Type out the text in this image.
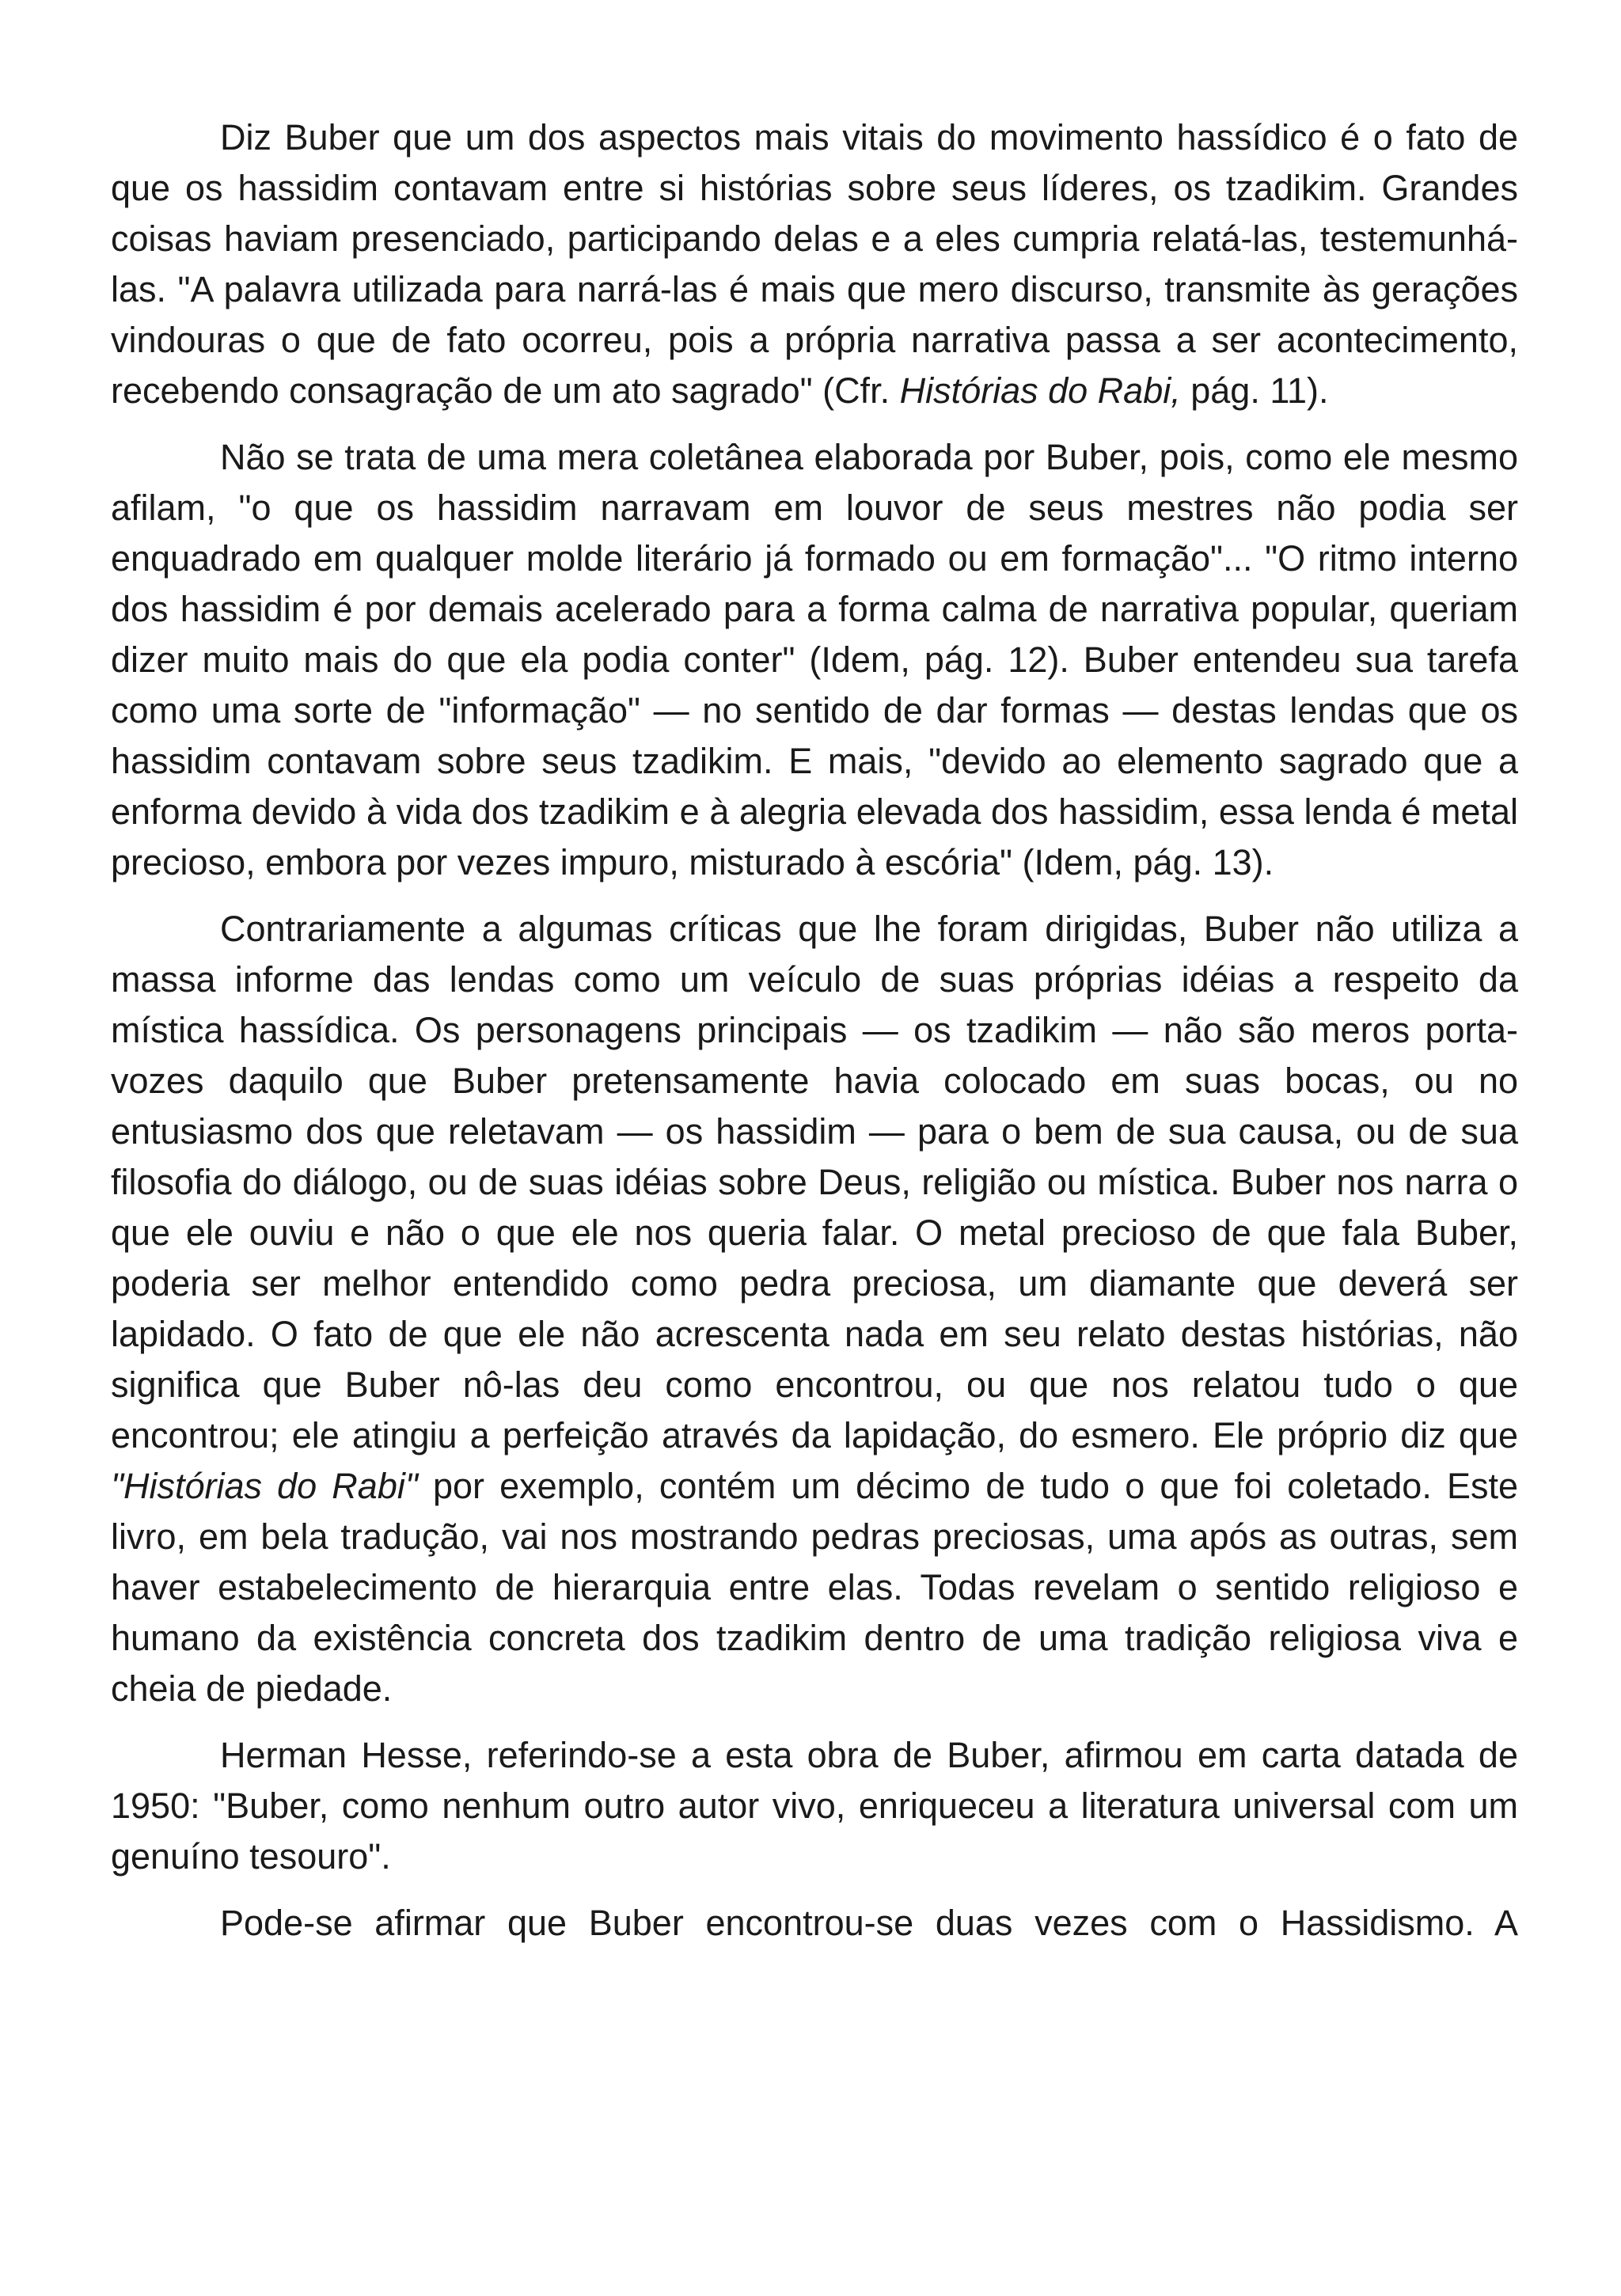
Diz Buber que um dos aspectos mais vitais do movimento hassídico é o fato de que os hassidim contavam entre si histórias sobre seus líderes, os tzadikim. Grandes coisas haviam presenciado, participando delas e a eles cumpria relatá-las, testemunhá-las. "A palavra utilizada para narrá-las é mais que mero discurso, transmite às gerações vindouras o que de fato ocorreu, pois a própria narrativa passa a ser acontecimento, recebendo consagração de um ato sagrado" (Cfr. Histórias do Rabi, pág. 11).

Não se trata de uma mera coletânea elaborada por Buber, pois, como ele mesmo afilam, "o que os hassidim narravam em louvor de seus mestres não podia ser enquadrado em qualquer molde literário já formado ou em formação"... "O ritmo interno dos hassidim é por demais acelerado para a forma calma de narrativa popular, queriam dizer muito mais do que ela podia conter" (Idem, pág. 12). Buber entendeu sua tarefa como uma sorte de "informação" — no sentido de dar formas — destas lendas que os hassidim contavam sobre seus tzadikim. E mais, "devido ao elemento sagrado que a enforma devido à vida dos tzadikim e à alegria elevada dos hassidim, essa lenda é metal precioso, embora por vezes impuro, misturado à escória" (Idem, pág. 13).

Contrariamente a algumas críticas que lhe foram dirigidas, Buber não utiliza a massa informe das lendas como um veículo de suas próprias idéias a respeito da mística hassídica. Os personagens principais — os tzadikim — não são meros porta-vozes daquilo que Buber pretensamente havia colocado em suas bocas, ou no entusiasmo dos que reletavam — os hassidim — para o bem de sua causa, ou de sua filosofia do diálogo, ou de suas idéias sobre Deus, religião ou mística. Buber nos narra o que ele ouviu e não o que ele nos queria falar. O metal precioso de que fala Buber, poderia ser melhor entendido como pedra preciosa, um diamante que deverá ser lapidado. O fato de que ele não acrescenta nada em seu relato destas histórias, não significa que Buber nô-las deu como encontrou, ou que nos relatou tudo o que encontrou; ele atingiu a perfeição através da lapidação, do esmero. Ele próprio diz que "Histórias do Rabi" por exemplo, contém um décimo de tudo o que foi coletado. Este livro, em bela tradução, vai nos mostrando pedras preciosas, uma após as outras, sem haver estabelecimento de hierarquia entre elas. Todas revelam o sentido religioso e humano da existência concreta dos tzadikim dentro de uma tradição religiosa viva e cheia de piedade.

Herman Hesse, referindo-se a esta obra de Buber, afirmou em carta datada de 1950: "Buber, como nenhum outro autor vivo, enriqueceu a literatura universal com um genuíno tesouro".

Pode-se afirmar que Buber encontrou-se duas vezes com o Hassidismo. A
